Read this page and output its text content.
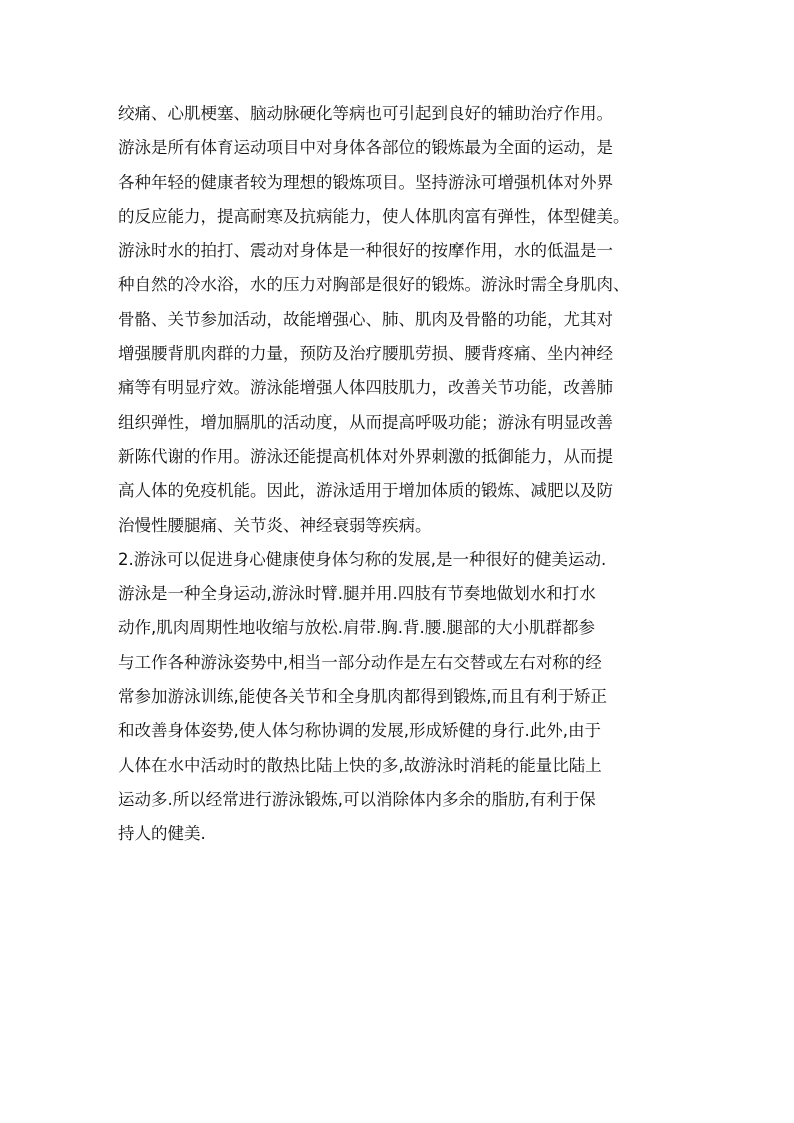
绞痛、心肌梗塞、脑动脉硬化等病也可引起到良好的辅助治疗作用。
游泳是所有体育运动项目中对身体各部位的锻炼最为全面的运动，是
各种年轻的健康者较为理想的锻炼项目。坚持游泳可增强机体对外界
的反应能力，提高耐寒及抗病能力，使人体肌肉富有弹性，体型健美。
游泳时水的拍打、震动对身体是一种很好的按摩作用，水的低温是一
种自然的冷水浴，水的压力对胸部是很好的锻炼。游泳时需全身肌肉、
骨骼、关节参加活动，故能增强心、肺、肌肉及骨骼的功能，尤其对
增强腰背肌肉群的力量，预防及治疗腰肌劳损、腰背疼痛、坐内神经
痛等有明显疗效。游泳能增强人体四肢肌力，改善关节功能，改善肺
组织弹性，增加膈肌的活动度，从而提高呼吸功能；游泳有明显改善
新陈代谢的作用。游泳还能提高机体对外界刺激的抵御能力，从而提
高人体的免疫机能。因此，游泳适用于增加体质的锻炼、减肥以及防
治慢性腰腿痛、关节炎、神经衰弱等疾病。
2.游泳可以促进身心健康使身体匀称的发展,是一种很好的健美运动.
游泳是一种全身运动,游泳时臂.腿并用.四肢有节奏地做划水和打水
动作,肌肉周期性地收缩与放松.肩带.胸.背.腰.腿部的大小肌群都参
与工作各种游泳姿势中,相当一部分动作是左右交替或左右对称的经
常参加游泳训练,能使各关节和全身肌肉都得到锻炼,而且有利于矫正
和改善身体姿势,使人体匀称协调的发展,形成矫健的身行.此外,由于
人体在水中活动时的散热比陆上快的多,故游泳时消耗的能量比陆上
运动多.所以经常进行游泳锻炼,可以消除体内多余的脂肪,有利于保
持人的健美.
